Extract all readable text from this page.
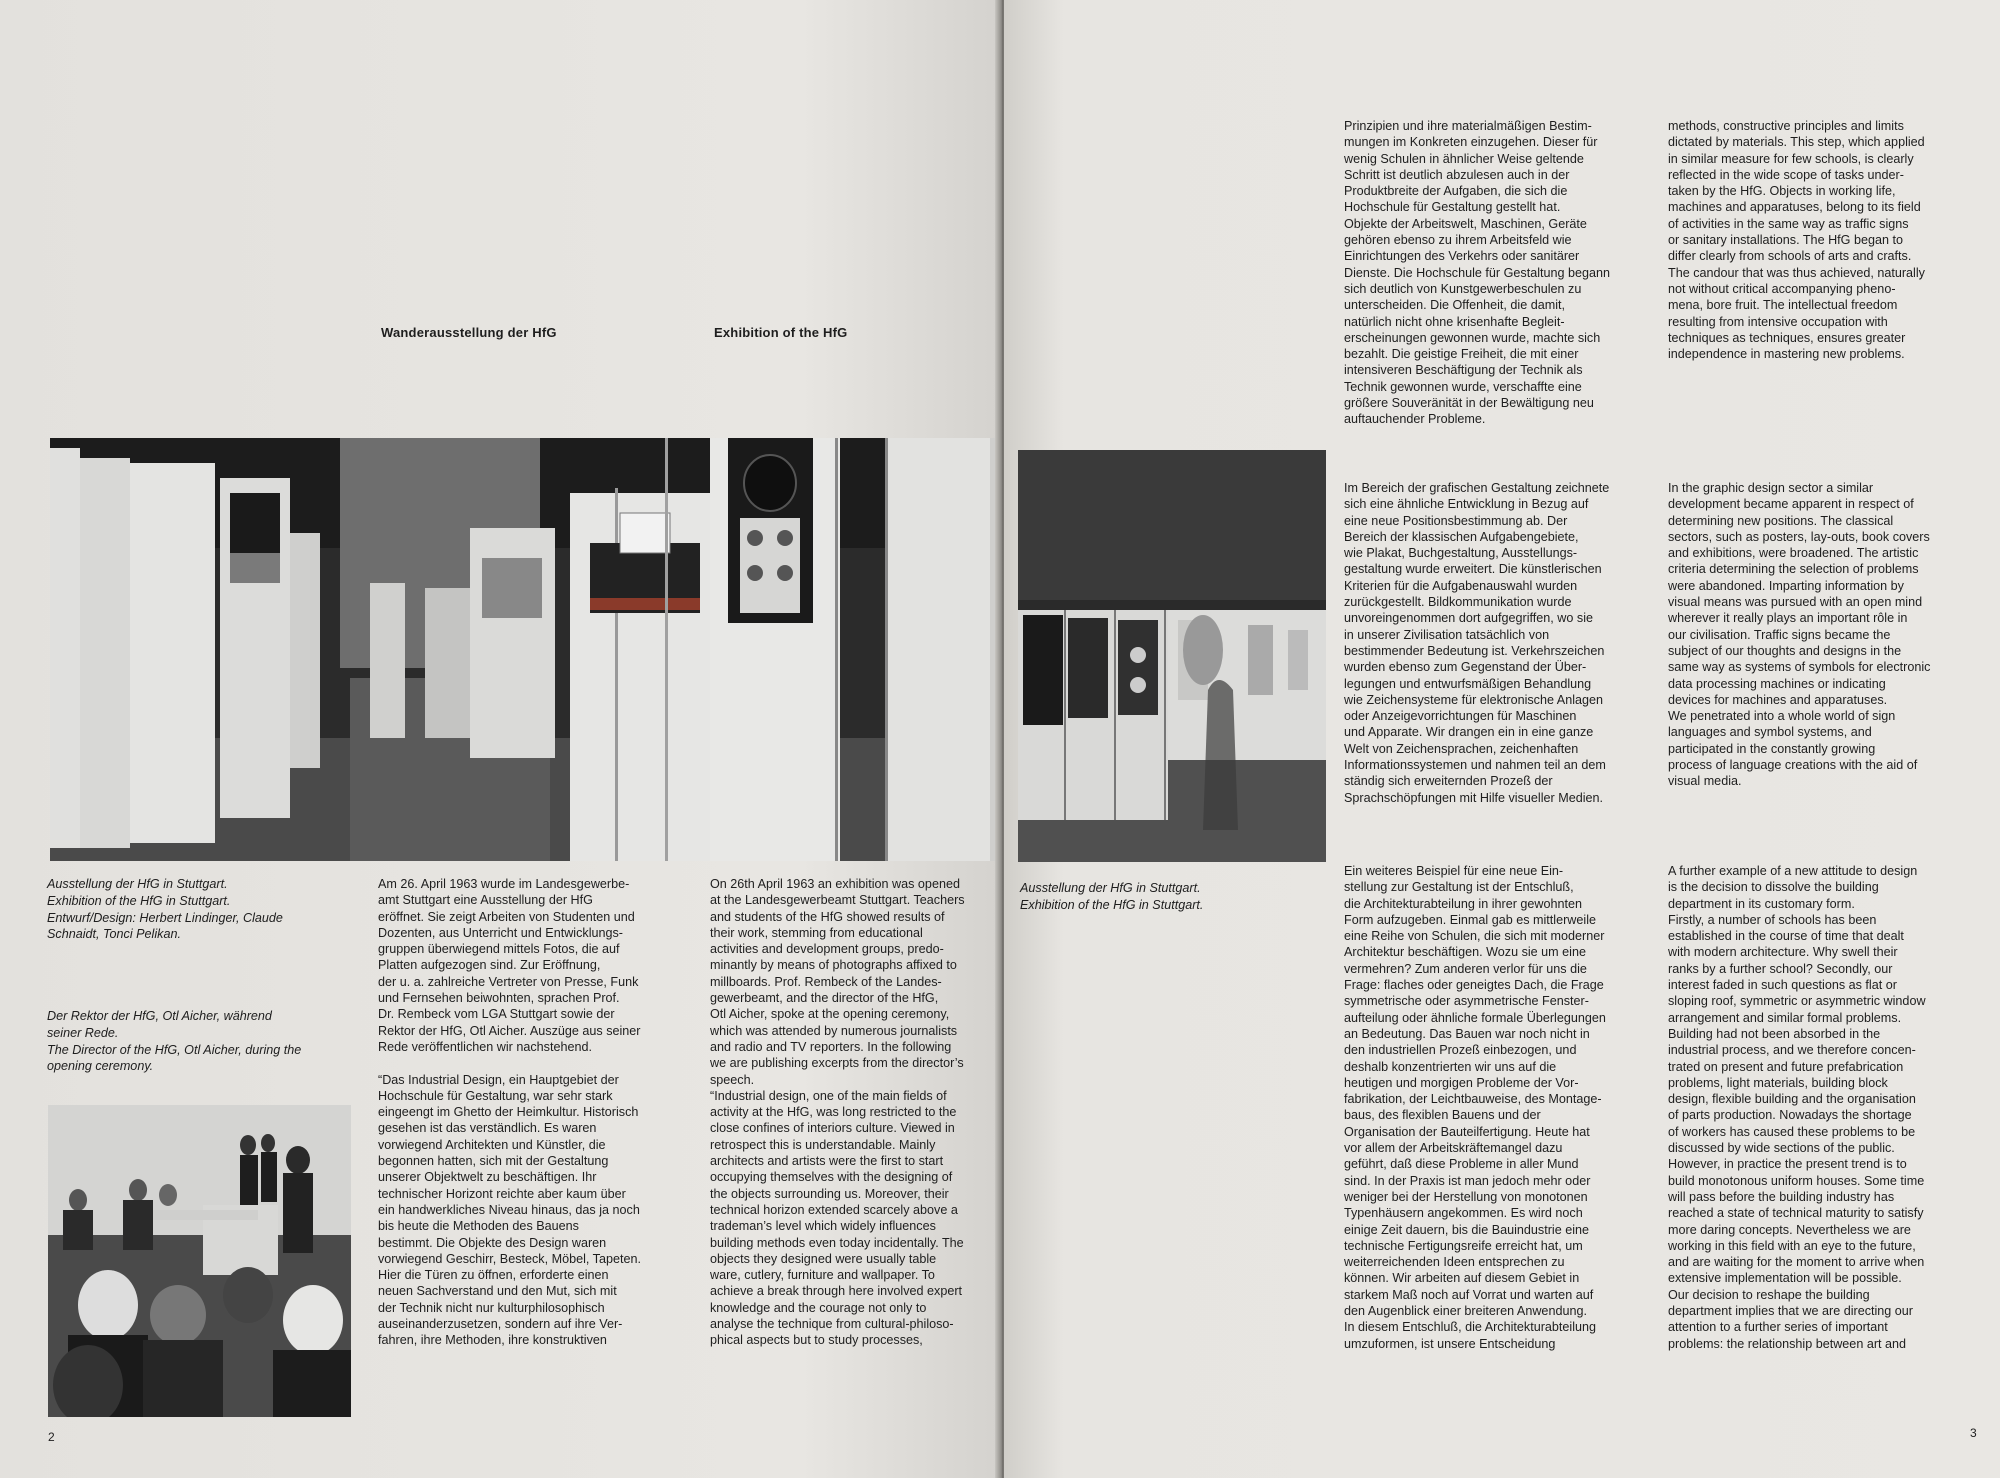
Wanderausstellung der HfG	Exhibition of the HfG
Ausstellung der HfG in Stuttgart.
Exhibition of the HfG in Stuttgart.
Entwurf/Design: Herbert Lindinger, Claude
Schnaidt, Tonci Pelikan.
Der Rektor der HfG, Otl Aicher, während
seiner Rede.
The Director of the HfG, Otl Aicher, during the
opening ceremony.
Am 26. April 1963 wurde im Landesgewerbe-
amt Stuttgart eine Ausstellung der HfG
eröffnet. Sie zeigt Arbeiten von Studenten und
Dozenten, aus Unterricht und Entwicklungs-
gruppen überwiegend mittels Fotos, die auf
Platten aufgezogen sind. Zur Eröffnung,
der u. a. zahlreiche Vertreter von Presse, Funk
und Fernsehen beiwohnten, sprachen Prof.
Dr. Rembeck vom LGA Stuttgart sowie der
Rektor der HfG, Otl Aicher. Auszüge aus seiner
Rede veröffentlichen wir nachstehend.

“Das Industrial Design, ein Hauptgebiet der
Hochschule für Gestaltung, war sehr stark
eingeengt im Ghetto der Heimkultur. Historisch
gesehen ist das verständlich. Es waren
vorwiegend Architekten und Künstler, die
begonnen hatten, sich mit der Gestaltung
unserer Objektwelt zu beschäftigen. Ihr
technischer Horizont reichte aber kaum über
ein handwerkliches Niveau hinaus, das ja noch
bis heute die Methoden des Bauens
bestimmt. Die Objekte des Design waren
vorwiegend Geschirr, Besteck, Möbel, Tapeten.
Hier die Türen zu öffnen, erforderte einen
neuen Sachverstand und den Mut, sich mit
der Technik nicht nur kulturphilosophisch
auseinanderzusetzen, sondern auf ihre Ver-
fahren, ihre Methoden, ihre konstruktiven
On 26th April 1963 an exhibition was opened
at the Landesgewerbeamt Stuttgart. Teachers
and students of the HfG showed results of
their work, stemming from educational
activities and development groups, predo-
minantly by means of photographs affixed to
millboards. Prof. Rembeck of the Landes-
gewerbeamt, and the director of the HfG,
Otl Aicher, spoke at the opening ceremony,
which was attended by numerous journalists
and radio and TV reporters. In the following
we are publishing excerpts from the director’s
speech.
“Industrial design, one of the main fields of
activity at the HfG, was long restricted to the
close confines of interiors culture. Viewed in
retrospect this is understandable. Mainly
architects and artists were the first to start
occupying themselves with the designing of
the objects surrounding us. Moreover, their
technical horizon extended scarcely above a
trademan’s level which widely influences
building methods even today incidentally. The
objects they designed were usually table
ware, cutlery, furniture and wallpaper. To
achieve a break through here involved expert
knowledge and the courage not only to
analyse the technique from cultural-philoso-
phical aspects but to study processes,
2
Ausstellung der HfG in Stuttgart.
Exhibition of the HfG in Stuttgart.
Prinzipien und ihre materialmäßigen Bestim-
mungen im Konkreten einzugehen. Dieser für
wenig Schulen in ähnlicher Weise geltende
Schritt ist deutlich abzulesen auch in der
Produktbreite der Aufgaben, die sich die
Hochschule für Gestaltung gestellt hat.
Objekte der Arbeitswelt, Maschinen, Geräte
gehören ebenso zu ihrem Arbeitsfeld wie
Einrichtungen des Verkehrs oder sanitärer
Dienste. Die Hochschule für Gestaltung begann
sich deutlich von Kunstgewerbeschulen zu
unterscheiden. Die Offenheit, die damit,
natürlich nicht ohne krisenhafte Begleit-
erscheinungen gewonnen wurde, machte sich
bezahlt. Die geistige Freiheit, die mit einer
intensiveren Beschäftigung der Technik als
Technik gewonnen wurde, verschaffte eine
größere Souveränität in der Bewältigung neu
auftauchender Probleme.
methods, constructive principles and limits
dictated by materials. This step, which applied
in similar measure for few schools, is clearly
reflected in the wide scope of tasks under-
taken by the HfG. Objects in working life,
machines and apparatuses, belong to its field
of activities in the same way as traffic signs
or sanitary installations. The HfG began to
differ clearly from schools of arts and crafts.
The candour that was thus achieved, naturally
not without critical accompanying pheno-
mena, bore fruit. The intellectual freedom
resulting from intensive occupation with
techniques as techniques, ensures greater
independence in mastering new problems.
Im Bereich der grafischen Gestaltung zeichnete
sich eine ähnliche Entwicklung in Bezug auf
eine neue Positionsbestimmung ab. Der
Bereich der klassischen Aufgabengebiete,
wie Plakat, Buchgestaltung, Ausstellungs-
gestaltung wurde erweitert. Die künstlerischen
Kriterien für die Aufgabenauswahl wurden
zurückgestellt. Bildkommunikation wurde
unvoreingenommen dort aufgegriffen, wo sie
in unserer Zivilisation tatsächlich von
bestimmender Bedeutung ist. Verkehrszeichen
wurden ebenso zum Gegenstand der Über-
legungen und entwurfsmäßigen Behandlung
wie Zeichensysteme für elektronische Anlagen
oder Anzeigevorrichtungen für Maschinen
und Apparate. Wir drangen ein in eine ganze
Welt von Zeichensprachen, zeichenhaften
Informationssystemen und nahmen teil an dem
ständig sich erweiternden Prozeß der
Sprachschöpfungen mit Hilfe visueller Medien.
In the graphic design sector a similar
development became apparent in respect of
determining new positions. The classical
sectors, such as posters, lay-outs, book covers
and exhibitions, were broadened. The artistic
criteria determining the selection of problems
were abandoned. Imparting information by
visual means was pursued with an open mind
wherever it really plays an important rôle in
our civilisation. Traffic signs became the
subject of our thoughts and designs in the
same way as systems of symbols for electronic
data processing machines or indicating
devices for machines and apparatuses.
We penetrated into a whole world of sign
languages and symbol systems, and
participated in the constantly growing
process of language creations with the aid of
visual media.
Ein weiteres Beispiel für eine neue Ein-
stellung zur Gestaltung ist der Entschluß,
die Architekturabteilung in ihrer gewohnten
Form aufzugeben. Einmal gab es mittlerweile
eine Reihe von Schulen, die sich mit moderner
Architektur beschäftigen. Wozu sie um eine
vermehren? Zum anderen verlor für uns die
Frage: flaches oder geneigtes Dach, die Frage
symmetrische oder asymmetrische Fenster-
aufteilung oder ähnliche formale Überlegungen
an Bedeutung. Das Bauen war noch nicht in
den industriellen Prozeß einbezogen, und
deshalb konzentrierten wir uns auf die
heutigen und morgigen Probleme der Vor-
fabrikation, der Leichtbauweise, des Montage-
baus, des flexiblen Bauens und der
Organisation der Bauteilfertigung. Heute hat
vor allem der Arbeitskräftemangel dazu
geführt, daß diese Probleme in aller Mund
sind. In der Praxis ist man jedoch mehr oder
weniger bei der Herstellung von monotonen
Typenhäusern angekommen. Es wird noch
einige Zeit dauern, bis die Bauindustrie eine
technische Fertigungsreife erreicht hat, um
weiterreichenden Ideen entsprechen zu
können. Wir arbeiten auf diesem Gebiet in
starkem Maß noch auf Vorrat und warten auf
den Augenblick einer breiteren Anwendung.
In diesem Entschluß, die Architekturabteilung
umzuformen, ist unsere Entscheidung
A further example of a new attitude to design
is the decision to dissolve the building
department in its customary form.
Firstly, a number of schools has been
established in the course of time that dealt
with modern architecture. Why swell their
ranks by a further school? Secondly, our
interest faded in such questions as flat or
sloping roof, symmetric or asymmetric window
arrangement and similar formal problems.
Building had not been absorbed in the
industrial process, and we therefore concen-
trated on present and future prefabrication
problems, light materials, building block
design, flexible building and the organisation
of parts production. Nowadays the shortage
of workers has caused these problems to be
discussed by wide sections of the public.
However, in practice the present trend is to
build monotonous uniform houses. Some time
will pass before the building industry has
reached a state of technical maturity to satisfy
more daring concepts. Nevertheless we are
working in this field with an eye to the future,
and are waiting for the moment to arrive when
extensive implementation will be possible.
Our decision to reshape the building
department implies that we are directing our
attention to a further series of important
problems: the relationship between art and
3
